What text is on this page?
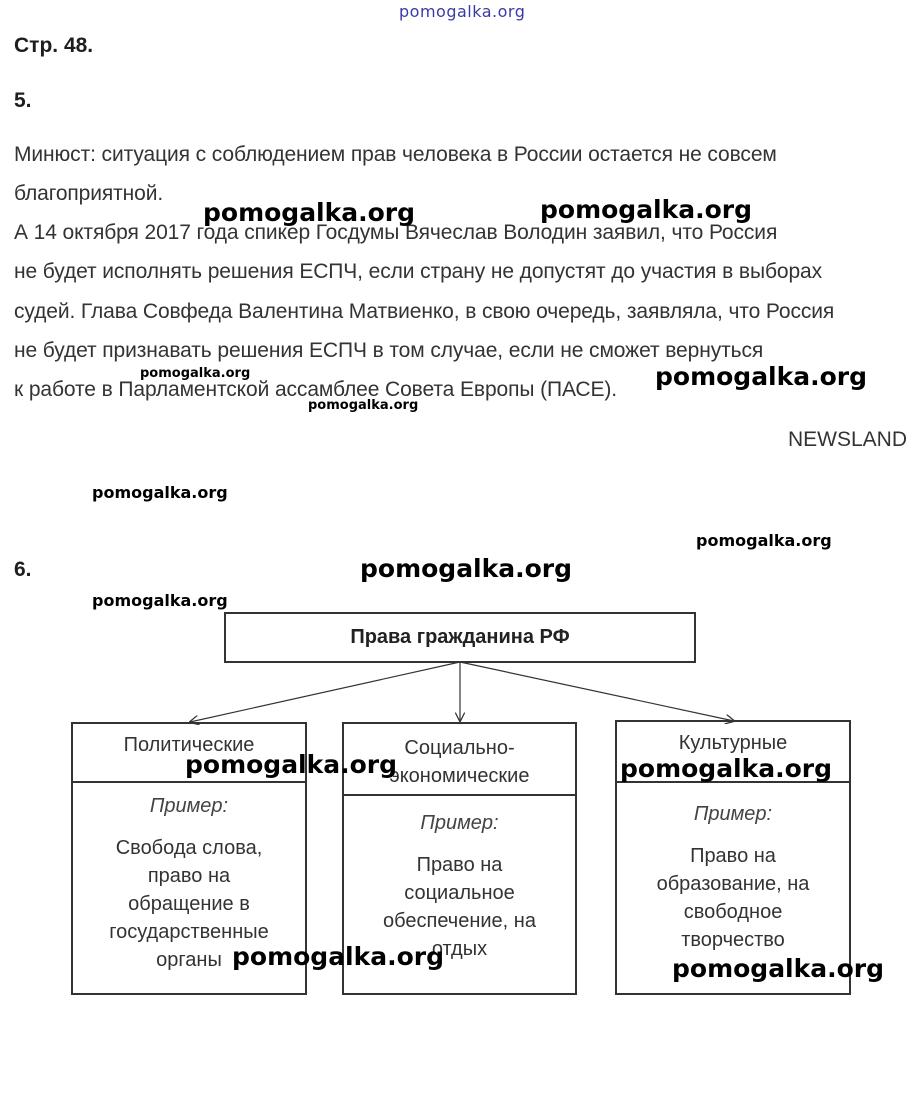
pomogalka.org
Стр. 48.
5.
Минюст: ситуация с соблюдением прав человека в России остается не совсем
благоприятной.
А 14 октября 2017 года спикер Госдумы Вячеслав Володин заявил, что Россия
не будет исполнять решения ЕСПЧ, если страну не допустят до участия в выборах
судей. Глава Совфеда Валентина Матвиенко, в свою очередь, заявляла, что Россия
не будет признавать решения ЕСПЧ в том случае, если не сможет вернуться
к работе в Парламентской ассамблее Совета Европы (ПАСЕ).
NEWSLAND
6.
Права гражданина РФ
Политические
Пример:
Свобода слова,
право на
обращение в
государственные
органы
Социально-
экономические
Пример:
Право на
социальное
обеспечение, на
отдых
Культурные
Пример:
Право на
образование, на
свободное
творчество
pomogalka.org	pomogalka.org
pomogalka.org
pomogalka.org
pomogalka.org
pomogalka.org
pomogalka.org
pomogalka.org
pomogalka.org
pomogalka.org	pomogalka.org
pomogalka.org	pomogalka.org
